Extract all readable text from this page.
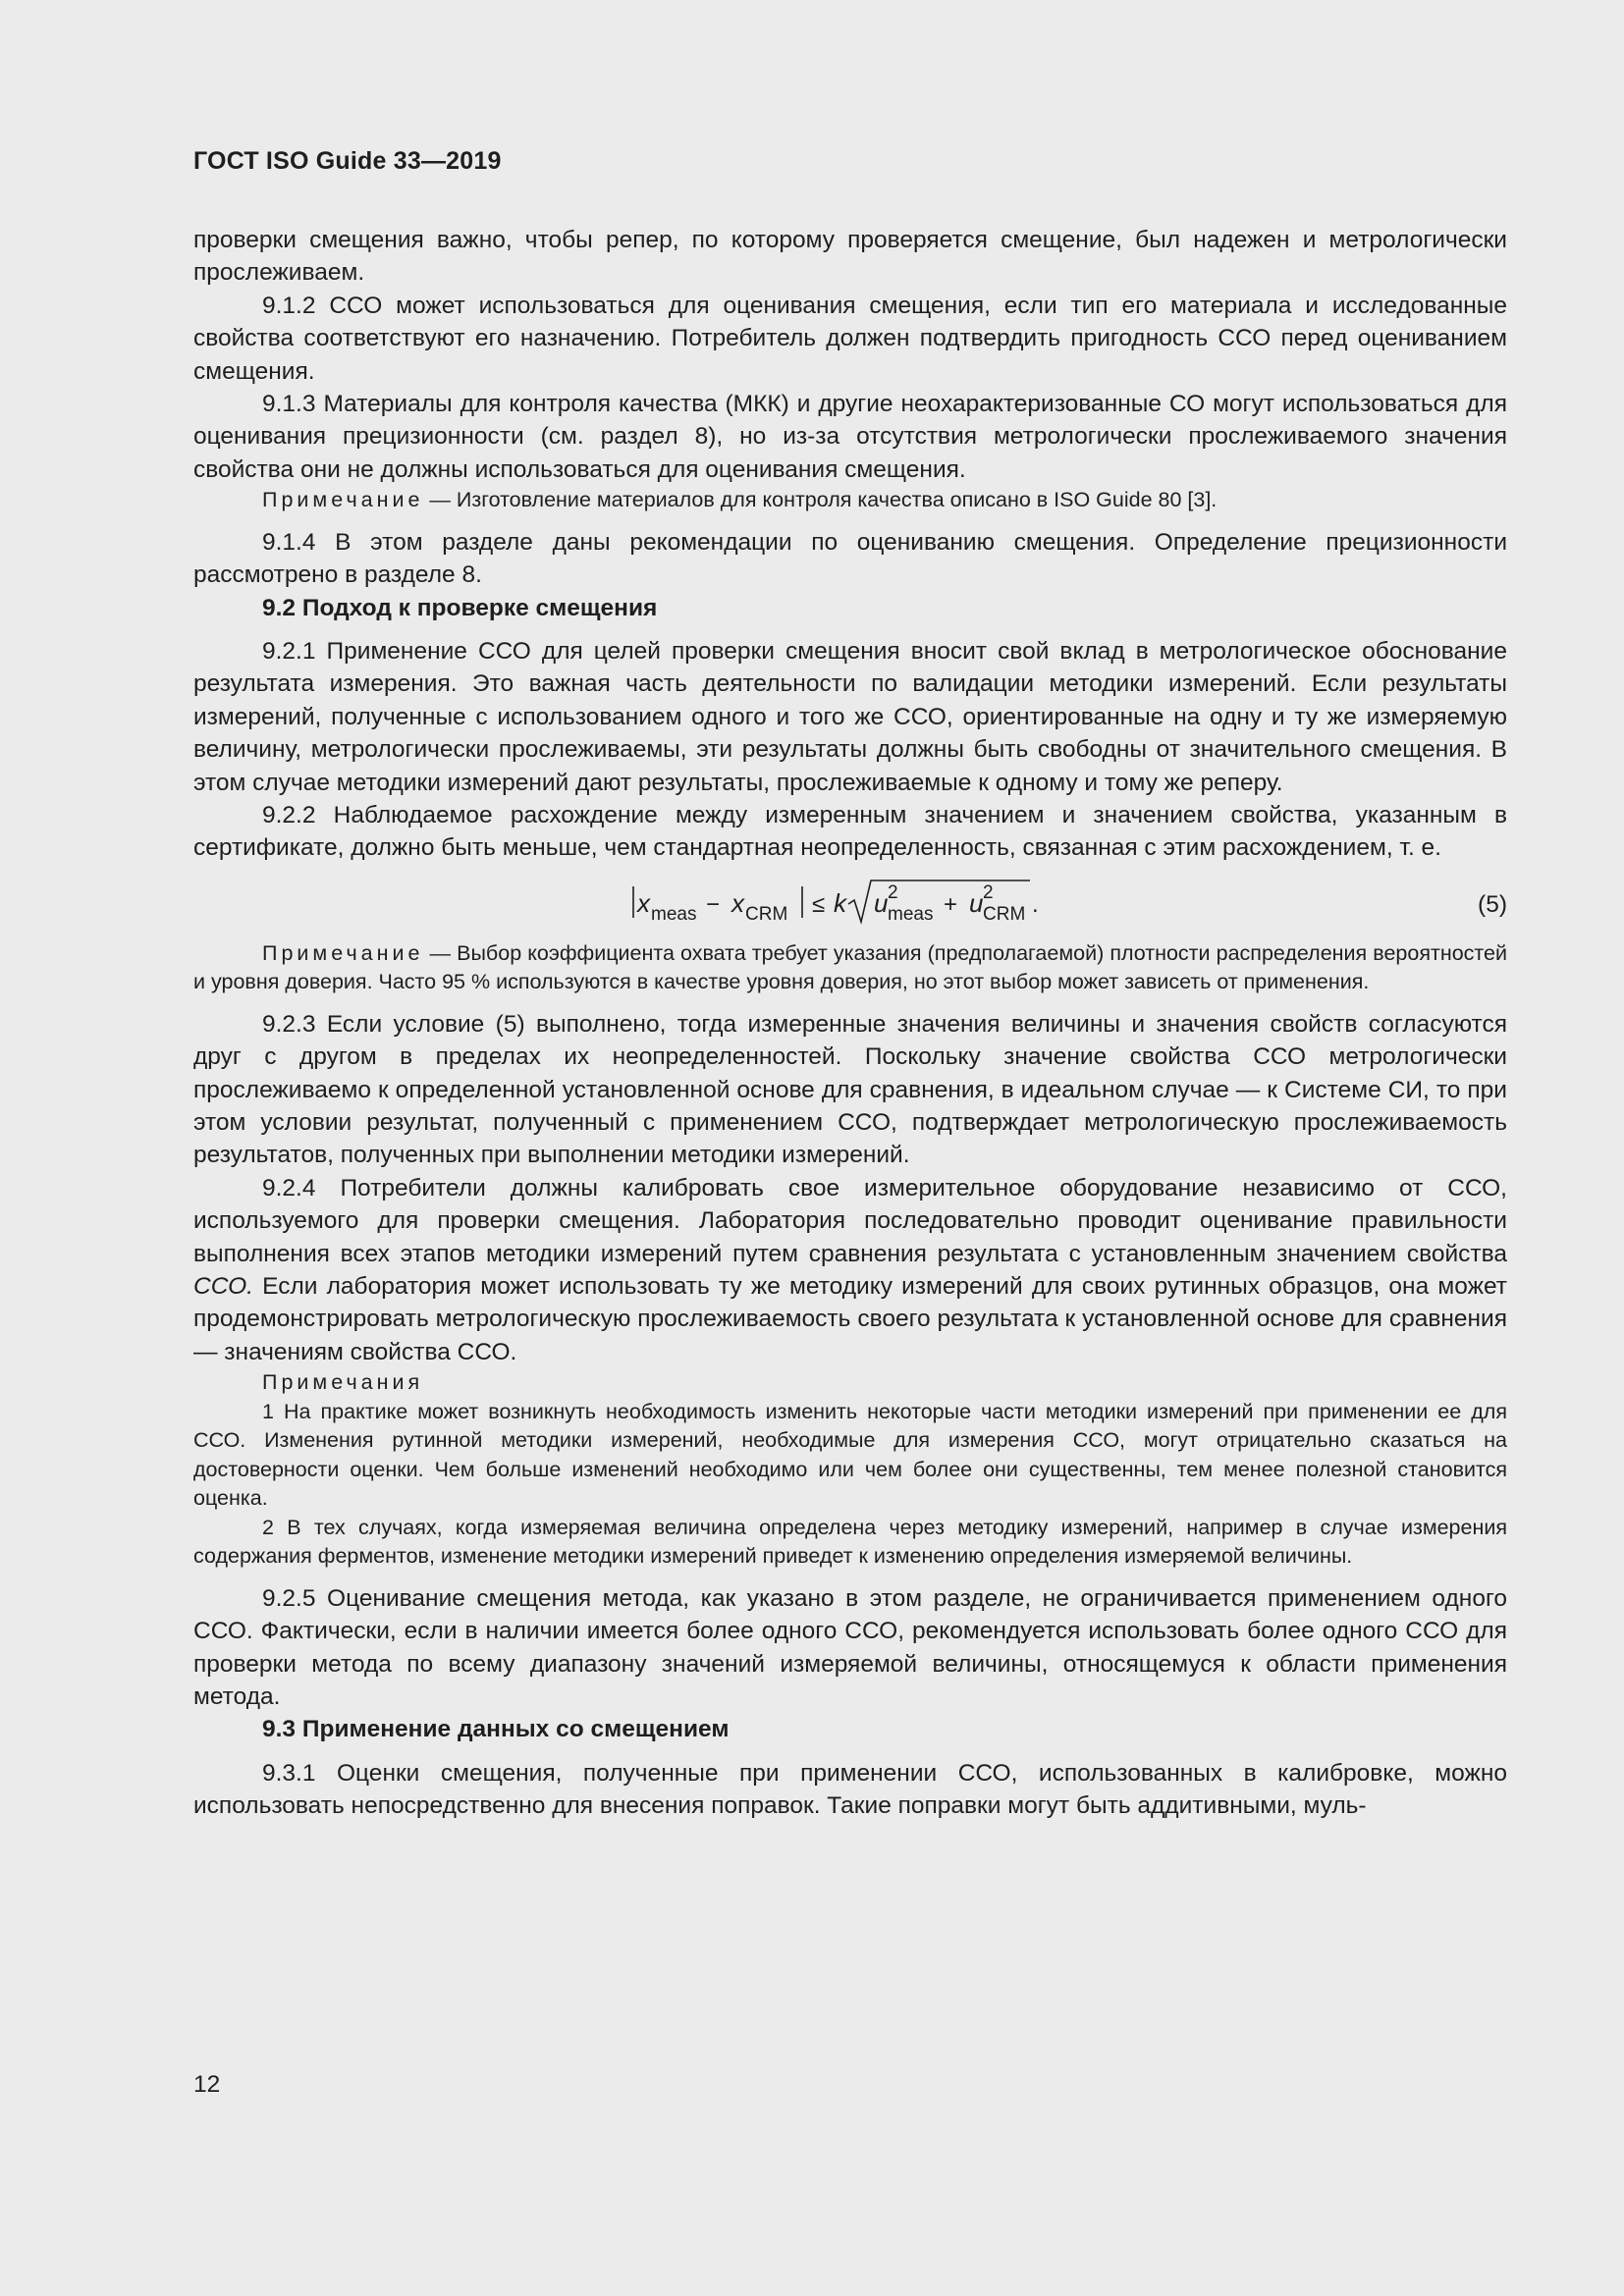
ГОСТ ISO Guide 33—2019

проверки смещения важно, чтобы репер, по которому проверяется смещение, был надежен и метрологически прослеживаем.

9.1.2 ССО может использоваться для оценивания смещения, если тип его материала и исследованные свойства соответствуют его назначению. Потребитель должен подтвердить пригодность ССО перед оцениванием смещения.

9.1.3 Материалы для контроля качества (МКК) и другие неохарактеризованные СО могут использоваться для оценивания прецизионности (см. раздел 8), но из-за отсутствия метрологически прослеживаемого значения свойства они не должны использоваться для оценивания смещения.

Примечание — Изготовление материалов для контроля качества описано в ISO Guide 80 [3].

9.1.4 В этом разделе даны рекомендации по оцениванию смещения. Определение прецизионности рассмотрено в разделе 8.

9.2 Подход к проверке смещения

9.2.1 Применение ССО для целей проверки смещения вносит свой вклад в метрологическое обоснование результата измерения. Это важная часть деятельности по валидации методики измерений. Если результаты измерений, полученные с использованием одного и того же ССО, ориентированные на одну и ту же измеряемую величину, метрологически прослеживаемы, эти результаты должны быть свободны от значительного смещения. В этом случае методики измерений дают результаты, прослеживаемые к одному и тому же реперу.

9.2.2 Наблюдаемое расхождение между измеренным значением и значением свойства, указанным в сертификате, должно быть меньше, чем стандартная неопределенность, связанная с этим расхождением, т. е.

x meas − x CRM ≤ k u 2
meas + u 2
CRM .	(5)

Примечание — Выбор коэффициента охвата требует указания (предполагаемой) плотности распределения вероятностей и уровня доверия. Часто 95 % используются в качестве уровня доверия, но этот выбор может зависеть от применения.

9.2.3 Если условие (5) выполнено, тогда измеренные значения величины и значения свойств согласуются друг с другом в пределах их неопределенностей. Поскольку значение свойства ССО метрологически прослеживаемо к определенной установленной основе для сравнения, в идеальном случае — к Системе СИ, то при этом условии результат, полученный с применением ССО, подтверждает метрологическую прослеживаемость результатов, полученных при выполнении методики измерений.

9.2.4 Потребители должны калибровать свое измерительное оборудование независимо от ССО, используемого для проверки смещения. Лаборатория последовательно проводит оценивание правильности выполнения всех этапов методики измерений путем сравнения результата с установленным значением свойства ССО. Если лаборатория может использовать ту же методику измерений для своих рутинных образцов, она может продемонстрировать метрологическую прослеживаемость своего результата к установленной основе для сравнения — значениям свойства ССО.

Примечания

1 На практике может возникнуть необходимость изменить некоторые части методики измерений при применении ее для ССО. Изменения рутинной методики измерений, необходимые для измерения ССО, могут отрицательно сказаться на достоверности оценки. Чем больше изменений необходимо или чем более они существенны, тем менее полезной становится оценка.

2 В тех случаях, когда измеряемая величина определена через методику измерений, например в случае измерения содержания ферментов, изменение методики измерений приведет к изменению определения измеряемой величины.

9.2.5 Оценивание смещения метода, как указано в этом разделе, не ограничивается применением одного ССО. Фактически, если в наличии имеется более одного ССО, рекомендуется использовать более одного ССО для проверки метода по всему диапазону значений измеряемой величины, относящемуся к области применения метода.

9.3 Применение данных со смещением

9.3.1 Оценки смещения, полученные при применении ССО, использованных в калибровке, можно использовать непосредственно для внесения поправок. Такие поправки могут быть аддитивными, муль-

12
